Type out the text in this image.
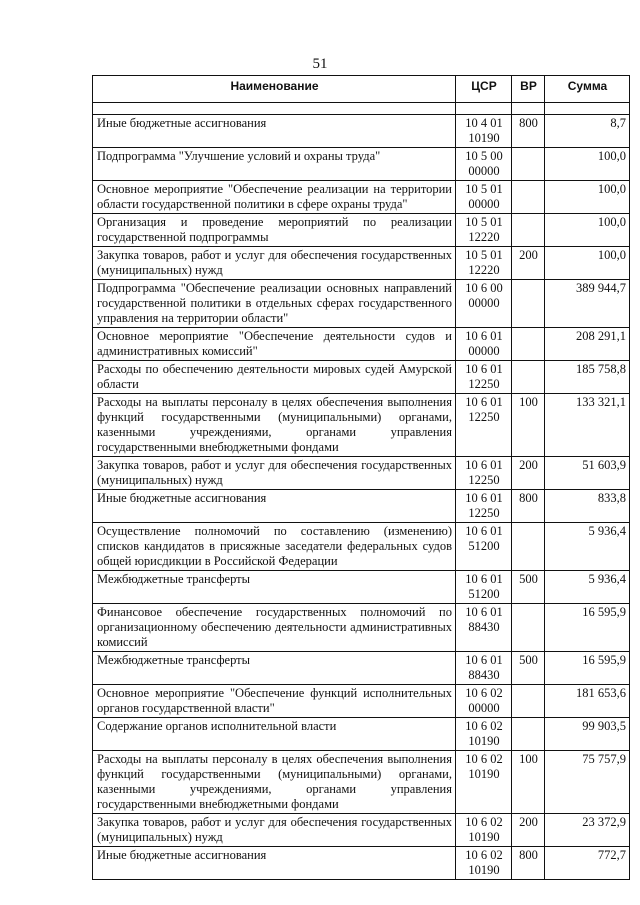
51
Наименование	ЦСР	ВР	Сумма

Иные бюджетные ассигнования	10 4 01 10190	800	8,7
Подпрограмма "Улучшение условий и охраны труда"	10 5 00 00000		100,0
Основное мероприятие "Обеспечение реализации на территории области государственной политики в сфере охраны труда"	10 5 01 00000		100,0
Организация и проведение мероприятий по реализации государственной подпрограммы	10 5 01 12220		100,0
Закупка товаров, работ и услуг для обеспечения государственных (муниципальных) нужд	10 5 01 12220	200	100,0
Подпрограмма "Обеспечение реализации основных направлений государственной политики в отдельных сферах государственного управления на территории области"	10 6 00 00000		389 944,7
Основное мероприятие "Обеспечение деятельности судов и административных комиссий"	10 6 01 00000		208 291,1
Расходы по обеспечению деятельности мировых судей Амурской области	10 6 01 12250		185 758,8
Расходы на выплаты персоналу в целях обеспечения выполнения функций государственными (муниципальными) органами, казенными учреждениями, органами управления государственными внебюджетными фондами	10 6 01 12250	100	133 321,1
Закупка товаров, работ и услуг для обеспечения государственных (муниципальных) нужд	10 6 01 12250	200	51 603,9
Иные бюджетные ассигнования	10 6 01 12250	800	833,8
Осуществление полномочий по составлению (изменению) списков кандидатов в присяжные заседатели федеральных судов общей юрисдикции в Российской Федерации	10 6 01 51200		5 936,4
Межбюджетные трансферты	10 6 01 51200	500	5 936,4
Финансовое обеспечение государственных полномочий по организационному обеспечению деятельности административных комиссий	10 6 01 88430		16 595,9
Межбюджетные трансферты	10 6 01 88430	500	16 595,9
Основное мероприятие "Обеспечение функций исполнительных органов государственной власти"	10 6 02 00000		181 653,6
Содержание органов исполнительной власти	10 6 02 10190		99 903,5
Расходы на выплаты персоналу в целях обеспечения выполнения функций государственными (муниципальными) органами, казенными учреждениями, органами управления государственными внебюджетными фондами	10 6 02 10190	100	75 757,9
Закупка товаров, работ и услуг для обеспечения государственных (муниципальных) нужд	10 6 02 10190	200	23 372,9
Иные бюджетные ассигнования	10 6 02 10190	800	772,7
